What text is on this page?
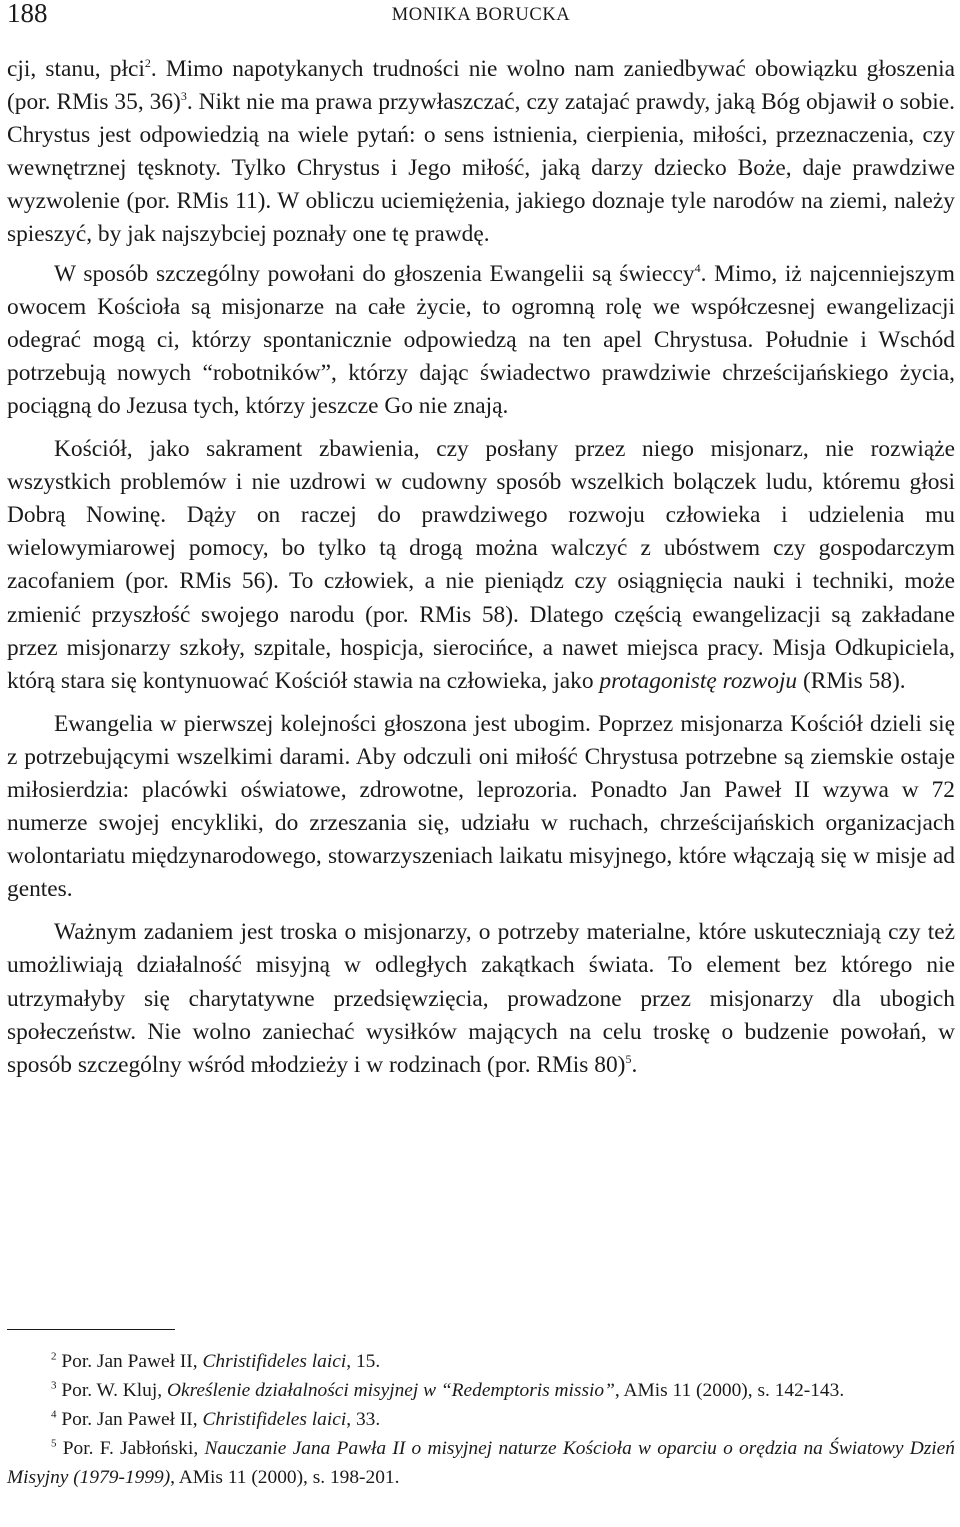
188	MONIKA BORUCKA

cji, stanu, płci$^2$. Mimo napotykanych trudności nie wolno nam zaniedbywać obowiązku głoszenia (por. RMis 35, 36)$^3$. Nikt nie ma prawa przywłaszczać, czy zatajać prawdy, jaką Bóg objawił o sobie. Chrystus jest odpowiedzią na wiele pytań: o sens istnienia, cierpienia, miłości, przeznaczenia, czy wewnętrznej tęsknoty. Tylko Chrystus i Jego miłość, jaką darzy dziecko Boże, daje prawdziwe wyzwolenie (por. RMis 11). W obliczu uciemiężenia, jakiego doznaje tyle narodów na ziemi, należy spieszyć, by jak najszybciej poznały one tę prawdę.

W sposób szczególny powołani do głoszenia Ewangelii są świeccy$^4$. Mimo, iż najcenniejszym owocem Kościoła są misjonarze na całe życie, to ogromną rolę we współczesnej ewangelizacji odegrać mogą ci, którzy spontanicznie odpowiedzą na ten apel Chrystusa. Południe i Wschód potrzebują nowych “robotników”, którzy dając świadectwo prawdziwie chrześcijańskiego życia, pociągną do Jezusa tych, którzy jeszcze Go nie znają.

Kościół, jako sakrament zbawienia, czy posłany przez niego misjonarz, nie rozwiąże wszystkich problemów i nie uzdrowi w cudowny sposób wszelkich bolączek ludu, któremu głosi Dobrą Nowinę. Dąży on raczej do prawdziwego rozwoju człowieka i udzielenia mu wielowymiarowej pomocy, bo tylko tą drogą można walczyć z ubóstwem czy gospodarczym zacofaniem (por. RMis 56). To człowiek, a nie pieniądz czy osiągnięcia nauki i techniki, może zmienić przyszłość swojego narodu (por. RMis 58). Dlatego częścią ewangelizacji są zakładane przez misjonarzy szkoły, szpitale, hospicja, sierocińce, a nawet miejsca pracy. Misja Odkupiciela, którą stara się kontynuować Kościół stawia na człowieka, jako protagonistę rozwoju (RMis 58).

Ewangelia w pierwszej kolejności głoszona jest ubogim. Poprzez misjonarza Kościół dzieli się z potrzebującymi wszelkimi darami. Aby odczuli oni miłość Chrystusa potrzebne są ziemskie ostaje miłosierdzia: placówki oświatowe, zdrowotne, leprozoria. Ponadto Jan Paweł II wzywa w 72 numerze swojej encykliki, do zrzeszania się, udziału w ruchach, chrześcijańskich organizacjach wolontariatu międzynarodowego, stowarzyszeniach laikatu misyjnego, które włączają się w misje ad gentes.

Ważnym zadaniem jest troska o misjonarzy, o potrzeby materialne, które uskuteczniają czy też umożliwiają działalność misyjną w odległych zakątkach świata. To element bez którego nie utrzymałyby się charytatywne przedsięwzięcia, prowadzone przez misjonarzy dla ubogich społeczeństw. Nie wolno zaniechać wysiłków mających na celu troskę o budzenie powołań, w sposób szczególny wśród młodzieży i w rodzinach (por. RMis 80)$^5$.

$^2$ Por. Jan Paweł II, Christifideles laici, 15.

$^3$ Por. W. Kluj, Określenie działalności misyjnej w “Redemptoris missio”, AMis 11 (2000), s. 142-143.

$^4$ Por. Jan Paweł II, Christifideles laici, 33.

$^5$ Por. F. Jabłoński, Nauczanie Jana Pawła II o misyjnej naturze Kościoła w oparciu o orędzia na Światowy Dzień Misyjny (1979-1999), AMis 11 (2000), s. 198-201.
